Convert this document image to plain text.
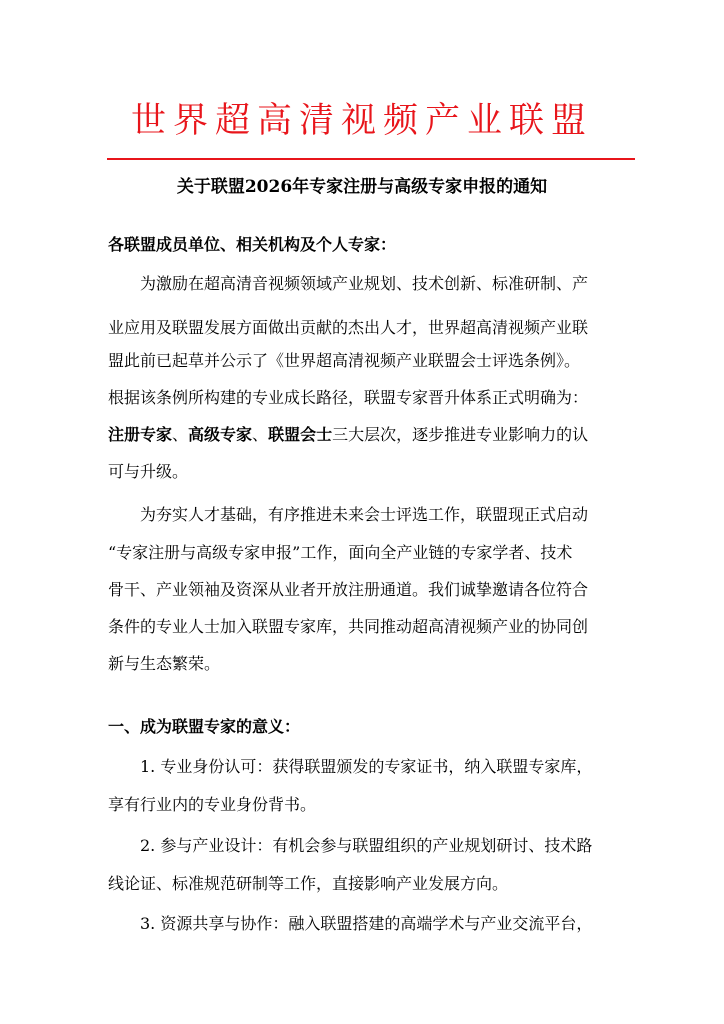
世界超高清视频产业联盟
关于联盟2026年专家注册与高级专家申报的通知
各联盟成员单位、相关机构及个人专家：
为激励在超高清音视频领域产业规划、技术创新、标准研制、产
业应用及联盟发展方面做出贡献的杰出人才，世界超高清视频产业联
盟此前已起草并公示了《世界超高清视频产业联盟会士评选条例》。
根据该条例所构建的专业成长路径，联盟专家晋升体系正式明确为：
注册专家、高级专家、联盟会士三大层次，逐步推进专业影响力的认
可与升级。
为夯实人才基础，有序推进未来会士评选工作，联盟现正式启动
“专家注册与高级专家申报”工作，面向全产业链的专家学者、技术
骨干、产业领袖及资深从业者开放注册通道。我们诚挚邀请各位符合
条件的专业人士加入联盟专家库，共同推动超高清视频产业的协同创
新与生态繁荣。
一、成为联盟专家的意义：
1. 专业身份认可：获得联盟颁发的专家证书，纳入联盟专家库，
享有行业内的专业身份背书。
2. 参与产业设计：有机会参与联盟组织的产业规划研讨、技术路
线论证、标准规范研制等工作，直接影响产业发展方向。
3. 资源共享与协作：融入联盟搭建的高端学术与产业交流平台，
